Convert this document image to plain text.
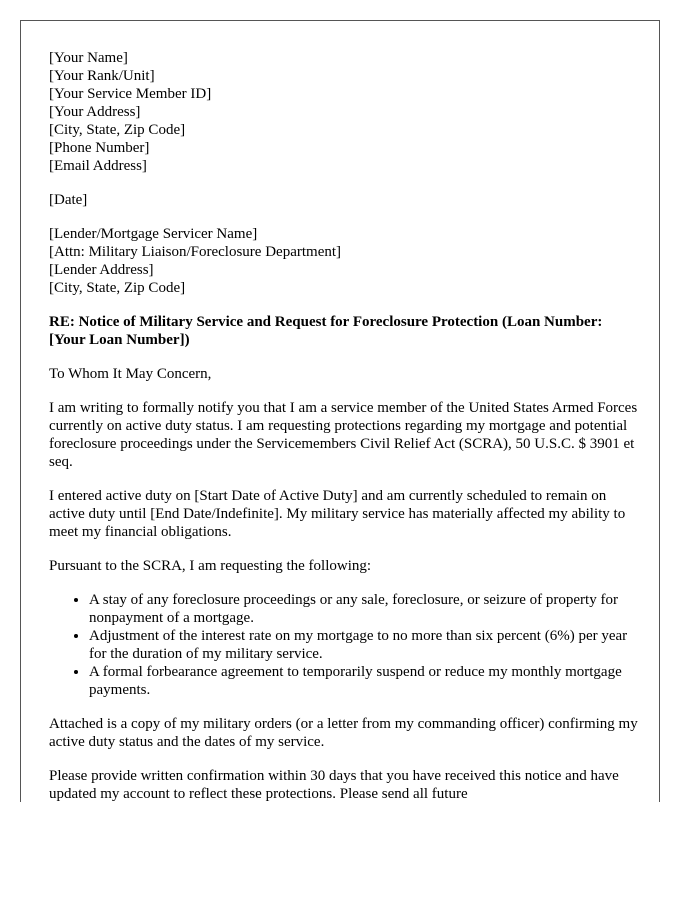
[Your Name]
[Your Rank/Unit]
[Your Service Member ID]
[Your Address]
[City, State, Zip Code]
[Phone Number]
[Email Address]
[Date]
[Lender/Mortgage Servicer Name]
[Attn: Military Liaison/Foreclosure Department]
[Lender Address]
[City, State, Zip Code]
RE: Notice of Military Service and Request for Foreclosure Protection (Loan Number: [Your Loan Number])

To Whom It May Concern,

I am writing to formally notify you that I am a service member of the United States Armed Forces currently on active duty status. I am requesting protections regarding my mortgage and potential foreclosure proceedings under the Servicemembers Civil Relief Act (SCRA), 50 U.S.C. $ 3901 et seq.

I entered active duty on [Start Date of Active Duty] and am currently scheduled to remain on active duty until [End Date/Indefinite]. My military service has materially affected my ability to meet my financial obligations.

Pursuant to the SCRA, I am requesting the following:

• A stay of any foreclosure proceedings or any sale, foreclosure, or seizure of property for nonpayment of a mortgage.
• Adjustment of the interest rate on my mortgage to no more than six percent (6%) per year for the duration of my military service.
• A formal forbearance agreement to temporarily suspend or reduce my monthly mortgage payments.

Attached is a copy of my military orders (or a letter from my commanding officer) confirming my active duty status and the dates of my service.

Please provide written confirmation within 30 days that you have received this notice and have updated my account to reflect these protections. Please send all future
